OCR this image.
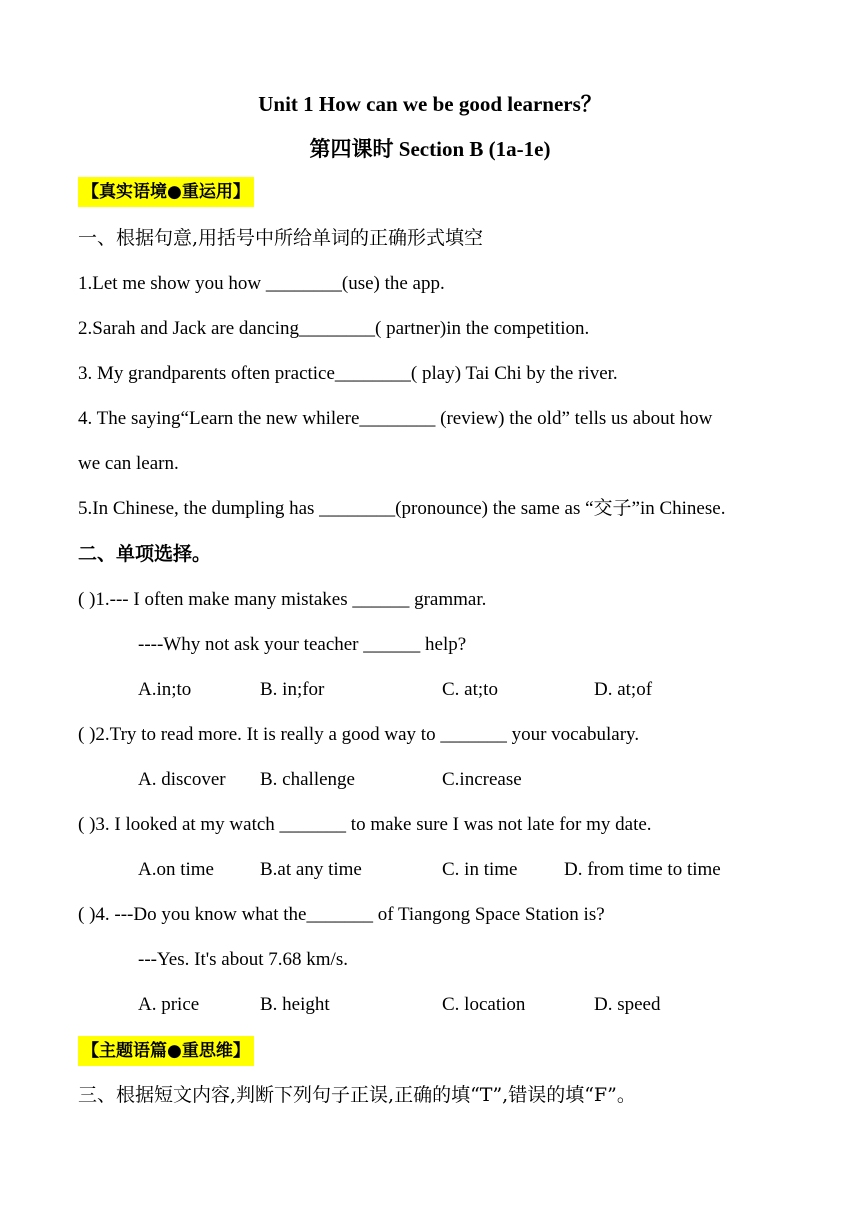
Unit 1 How can we be good learners？
第四课时 Section B (1a-1e)
【真实语境●重运用】
一、根据句意,用括号中所给单词的正确形式填空
1.Let me show you how ________(use) the app.
2.Sarah and Jack are dancing________( partner)in the competition.
3. My grandparents often practice________( play) Tai Chi by the river.
4. The saying“Learn the new whilere________ (review) the old” tells us about how
we can learn.
5.In Chinese, the dumpling has ________(pronounce) the same as “交子”in Chinese.
二、单项选择。
( )1.--- I often make many mistakes ______ grammar.
----Why not ask your teacher ______ help?
A.in;to	B. in;for	C. at;to	D. at;of
( )2.Try to read more. It is really a good way to _______ your vocabulary.
A. discover B. challenge	C.increase
( )3. I looked at my watch _______ to make sure I was not late for my date.
A.on time B.at any time	C. in time D. from time to time
( )4. ---Do you know what the_______ of Tiangong Space Station is?
---Yes. It's about 7.68 km/s.
A. price	B. height	C. location	D. speed
【主题语篇●重思维】
三、根据短文内容,判断下列句子正误,正确的填“T”,错误的填“F”。
